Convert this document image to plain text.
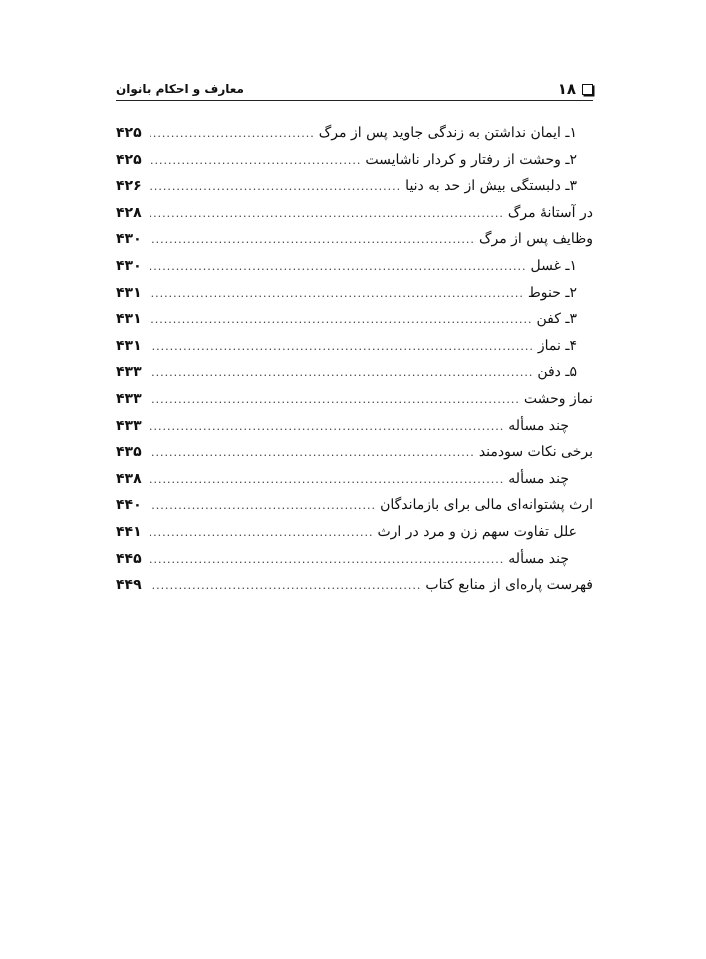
۱۸
معارف و احکام بانوان
۱ـ ایمان نداشتن به زندگی جاوید پس از مرگ
.....
۴۲۵
۲ـ وحشت از رفتار و کردار ناشایست
.....
۴۲۵
۳ـ دلبستگی بیش از حد به دنیا
.....
۴۲۶
در آستانهٔ مرگ
.....
۴۲۸
وظایف پس از مرگ
.....
۴۳۰
۱ـ غسل
.....
۴۳۰
۲ـ حنوط
.....
۴۳۱
۳ـ کفن
.....
۴۳۱
۴ـ نماز
.....
۴۳۱
۵ـ دفن
.....
۴۳۳
نماز وحشت
.....
۴۳۳
چند مسأله
.....
۴۳۳
برخی نکات سودمند
.....
۴۳۵
چند مسأله
.....
۴۳۸
ارث پشتوانه‌ای مالی برای بازماندگان
.....
۴۴۰
علل تفاوت سهم زن و مرد در ارث
.....
۴۴۱
چند مسأله
.....
۴۴۵
فهرست پاره‌ای از منابع کتاب
.....
۴۴۹
